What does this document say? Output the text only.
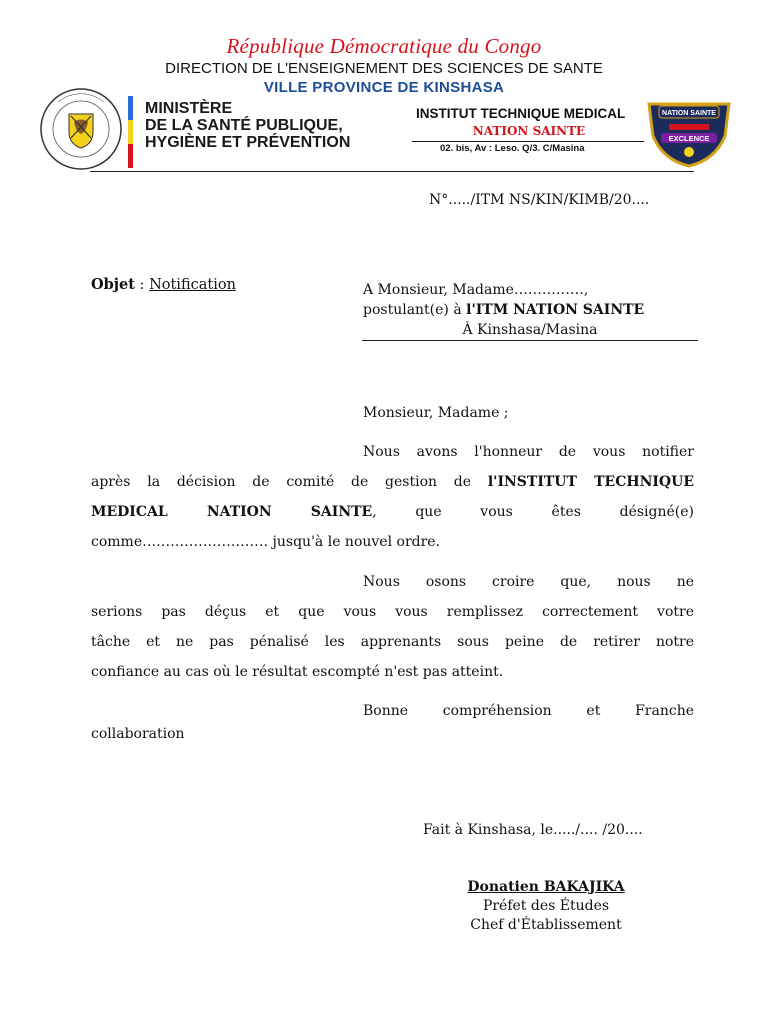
République Démocratique du Congo
DIRECTION DE L'ENSEIGNEMENT DES SCIENCES DE SANTE
VILLE PROVINCE DE KINSHASA
MINISTÈRE
DE LA SANTÉ PUBLIQUE,
HYGIÈNE ET PRÉVENTION
INSTITUT TECHNIQUE MEDICAL
NATION SAINTE
02. bis, Av : Leso. Q/3. C/Masina
NATION SAINTE
EXCLENCE
N°...../ITM NS/KIN/KIMB/20....
Objet : Notification	A Monsieur, Madame……………,
postulant(e) à l'ITM NATION SAINTE
À Kinshasa/Masina
Monsieur, Madame ;
Nous avons l'honneur de vous notifier
après la décision de comité de gestion de l'INSTITUT TECHNIQUE
MEDICAL NATION SAINTE, que vous êtes désigné(e)
comme……………………… jusqu'à le nouvel ordre.
Nous osons croire que, nous ne
serions pas déçus et que vous vous remplissez correctement votre
tâche et ne pas pénalisé les apprenants sous peine de retirer notre
confiance au cas où le résultat escompté n'est pas atteint.
Bonne compréhension et Franche
collaboration
Fait à Kinshasa, le...../.... /20....
Donatien BAKAJIKA
Préfet des Études
Chef d'Établissement
